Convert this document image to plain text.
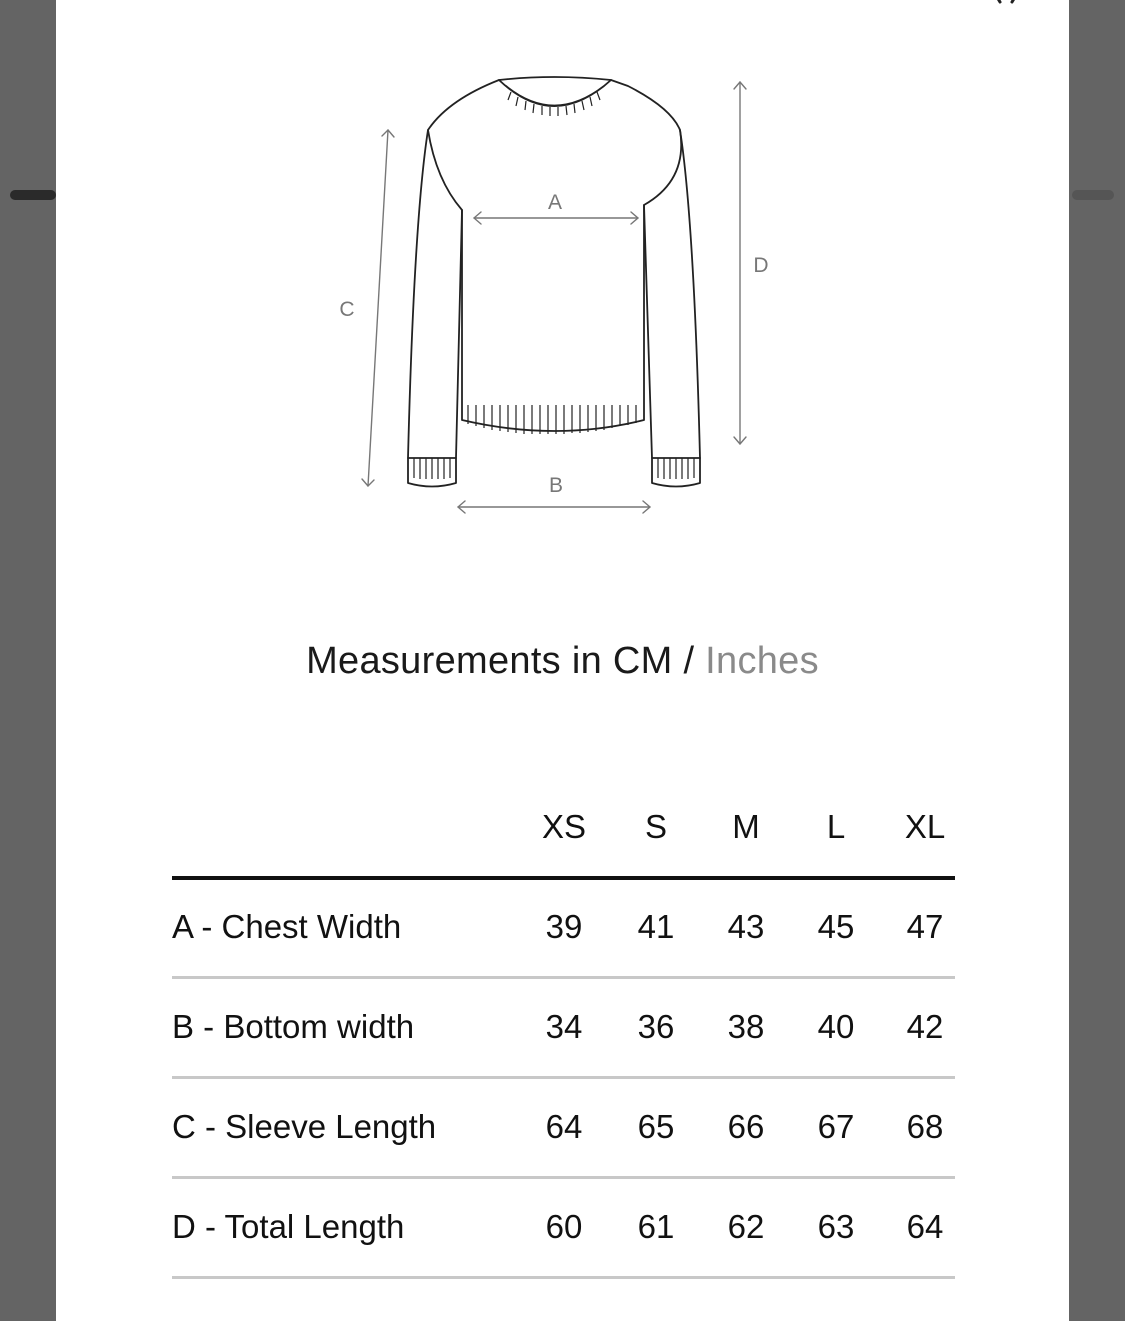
A
B
C
D
Measurements in CM / Inches
XS	S	M	L	XL
A - Chest Width	39	41	43	45	47
B - Bottom width	34	36	38	40	42
C - Sleeve Length	64	65	66	67	68
D - Total Length	60	61	62	63	64
